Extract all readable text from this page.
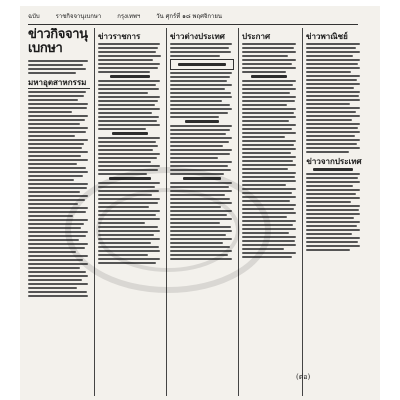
ฉบับ	ราชกิจจานุเบกษา	กรุงเทพฯ	วัน ศุกร์ที่ ๑๘ พฤศจิกายน
ข่าวกิจจานุเบกษา
มหาอุตสาหกรรม
ข่าวราชการ	ข่าวต่างประเทศ	ประกาศ	ข่าวพาณิชย์
ข่าวจากประเทศ
(ต่อ)
